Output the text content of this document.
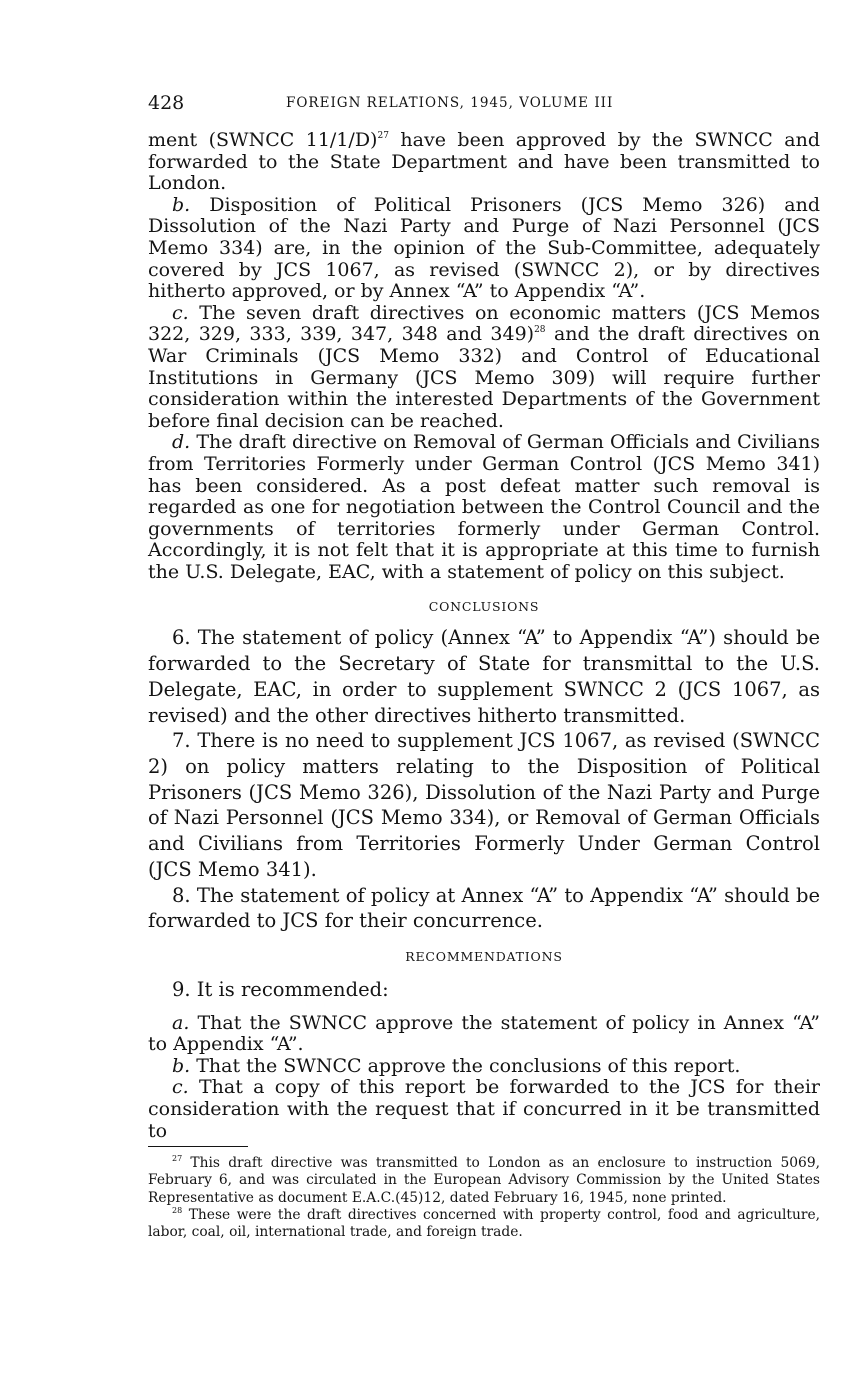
428	FOREIGN RELATIONS, 1945, VOLUME III

ment (SWNCC 11/1/D)$^{27}$ have been approved by the SWNCC and forwarded to the State Department and have been transmitted to London.

b. Disposition of Political Prisoners (JCS Memo 326) and Dissolution of the Nazi Party and Purge of Nazi Personnel (JCS Memo 334) are, in the opinion of the Sub-Committee, adequately covered by JCS 1067, as revised (SWNCC 2), or by directives hitherto approved, or by Annex “A” to Appendix “A”.

c. The seven draft directives on economic matters (JCS Memos 322, 329, 333, 339, 347, 348 and 349)$^{28}$ and the draft directives on War Criminals (JCS Memo 332) and Control of Educational Institutions in Germany (JCS Memo 309) will require further consideration within the interested Departments of the Government before final decision can be reached.

d. The draft directive on Removal of German Officials and Civilians from Territories Formerly under German Control (JCS Memo 341) has been considered. As a post defeat matter such removal is regarded as one for negotiation between the Control Council and the governments of territories formerly under German Control. Accordingly, it is not felt that it is appropriate at this time to furnish the U.S. Delegate, EAC, with a statement of policy on this subject.

CONCLUSIONS

6. The statement of policy (Annex “A” to Appendix “A”) should be forwarded to the Secretary of State for transmittal to the U.S. Delegate, EAC, in order to supplement SWNCC 2 (JCS 1067, as revised) and the other directives hitherto transmitted.

7. There is no need to supplement JCS 1067, as revised (SWNCC 2) on policy matters relating to the Disposition of Political Prisoners (JCS Memo 326), Dissolution of the Nazi Party and Purge of Nazi Personnel (JCS Memo 334), or Removal of German Officials and Civilians from Territories Formerly Under German Control (JCS Memo 341).

8. The statement of policy at Annex “A” to Appendix “A” should be forwarded to JCS for their concurrence.

RECOMMENDATIONS

9. It is recommended:

a. That the SWNCC approve the statement of policy in Annex “A” to Appendix “A”.

b. That the SWNCC approve the conclusions of this report.

c. That a copy of this report be forwarded to the JCS for their consideration with the request that if concurred in it be transmitted to

$^{27}$ This draft directive was transmitted to London as an enclosure to instruction 5069, February 6, and was circulated in the European Advisory Commission by the United States Representative as document E.A.C.(45)12, dated February 16, 1945, none printed.

$^{28}$ These were the draft directives concerned with property control, food and agriculture, labor, coal, oil, international trade, and foreign trade.
